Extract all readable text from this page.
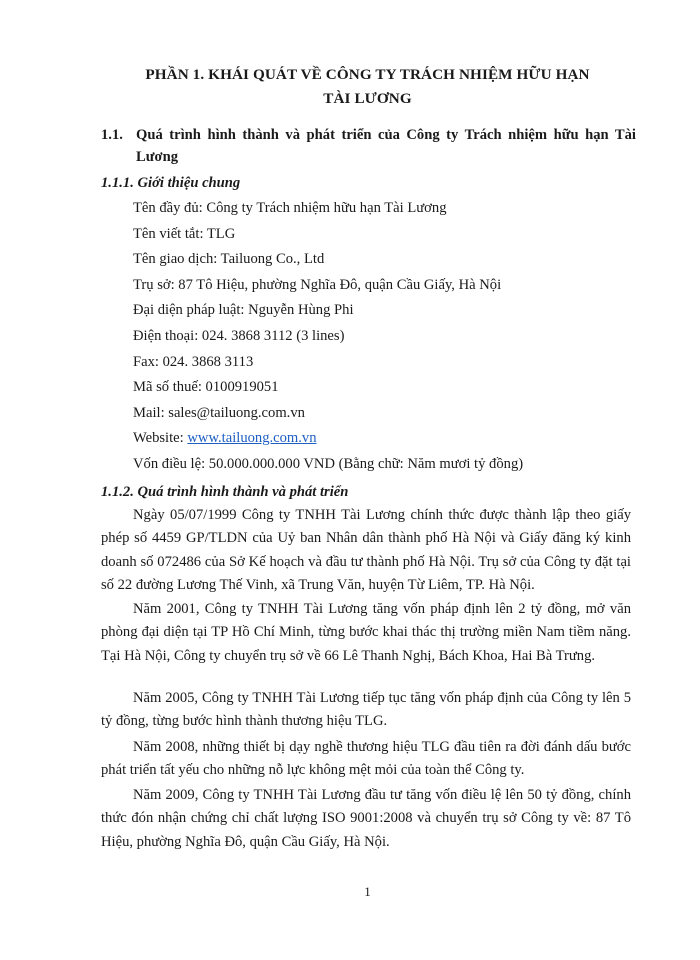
PHẦN 1. KHÁI QUÁT VỀ CÔNG TY TRÁCH NHIỆM HỮU HẠN
TÀI LƯƠNG
1.1. Quá trình hình thành và phát triển của Công ty Trách nhiệm hữu hạn Tài Lương
1.1.1. Giới thiệu chung
Tên đầy đủ: Công ty Trách nhiệm hữu hạn Tài Lương
Tên viết tắt: TLG
Tên giao dịch: Tailuong Co., Ltd
Trụ sở: 87 Tô Hiệu, phường Nghĩa Đô, quận Cầu Giấy, Hà Nội
Đại diện pháp luật: Nguyễn Hùng Phi
Điện thoại: 024. 3868 3112 (3 lines)
Fax: 024. 3868 3113
Mã số thuế: 0100919051
Mail: sales@tailuong.com.vn
Website: www.tailuong.com.vn
Vốn điều lệ: 50.000.000.000 VND (Bằng chữ: Năm mươi tỷ đồng)
1.1.2. Quá trình hình thành và phát triển

Ngày 05/07/1999 Công ty TNHH Tài Lương chính thức được thành lập theo giấy phép số 4459 GP/TLDN của Uỷ ban Nhân dân thành phố Hà Nội và Giấy đăng ký kinh doanh số 072486 của Sở Kế hoạch và đầu tư thành phố Hà Nội. Trụ sở của Công ty đặt tại số 22 đường Lương Thế Vinh, xã Trung Văn, huyện Từ Liêm, TP. Hà Nội.

Năm 2001, Công ty TNHH Tài Lương tăng vốn pháp định lên 2 tỷ đồng, mở văn phòng đại diện tại TP Hồ Chí Minh, từng bước khai thác thị trường miền Nam tiềm năng. Tại Hà Nội, Công ty chuyển trụ sở về 66 Lê Thanh Nghị, Bách Khoa, Hai Bà Trưng.

Năm 2005, Công ty TNHH Tài Lương tiếp tục tăng vốn pháp định của Công ty lên 5 tỷ đồng, từng bước hình thành thương hiệu TLG.

Năm 2008, những thiết bị dạy nghề thương hiệu TLG đầu tiên ra đời đánh dấu bước phát triển tất yếu cho những nỗ lực không mệt mỏi của toàn thể Công ty.

Năm 2009, Công ty TNHH Tài Lương đầu tư tăng vốn điều lệ lên 50 tỷ đồng, chính thức đón nhận chứng chỉ chất lượng ISO 9001:2008 và chuyển trụ sở Công ty về: 87 Tô Hiệu, phường Nghĩa Đô, quận Cầu Giấy, Hà Nội.

1
